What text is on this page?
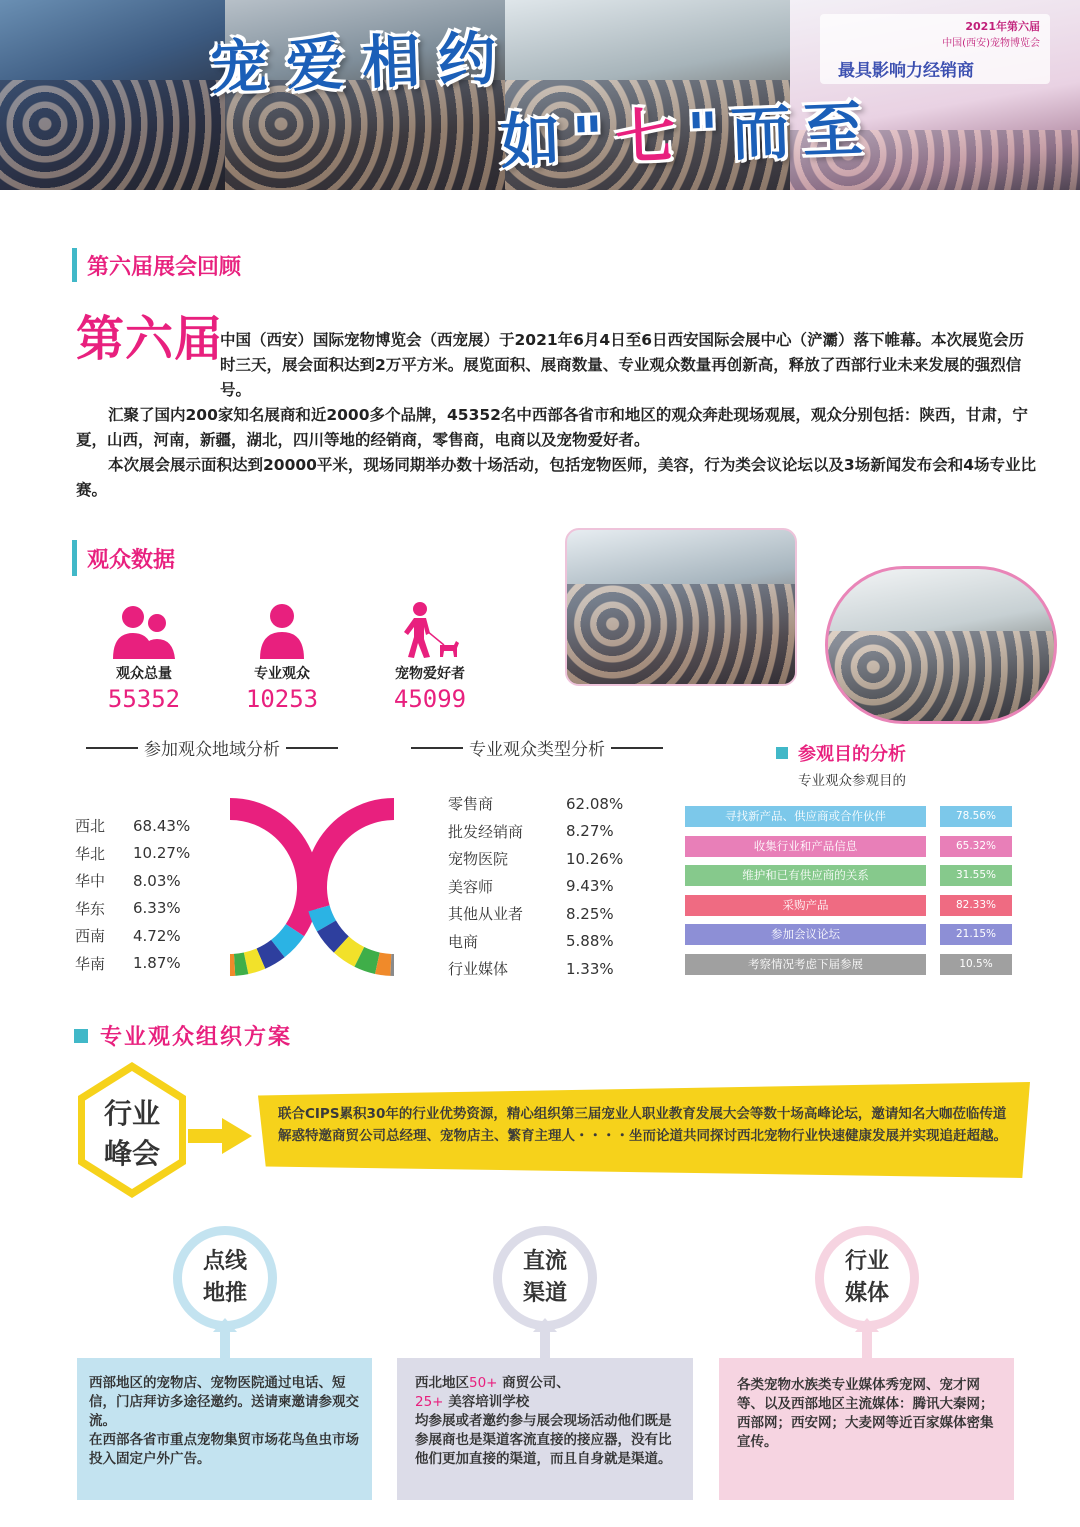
2021年第六届
中国(西安)宠物博览会
最具影响力经销商
宠爱相约
如"七"而至
第六届展会回顾
第六届

中国（西安）国际宠物博览会（西宠展）于2021年6月4日至6日西安国际会展中心（浐灞）落下帷幕。本次展览会历时三天，展会面积达到2万平方米。展览面积、展商数量、专业观众数量再创新高，释放了西部行业未来发展的强烈信号。

汇聚了国内200家知名展商和近2000多个品牌，45352名中西部各省市和地区的观众奔赴现场观展，观众分别包括：陕西，甘肃，宁夏，山西，河南，新疆，湖北，四川等地的经销商，零售商，电商以及宠物爱好者。

本次展会展示面积达到20000平米，现场同期举办数十场活动，包括宠物医师，美容，行为类会议论坛以及3场新闻发布会和4场专业比赛。

观众数据
观众总量
55352
专业观众
10253
宠物爱好者
45099
参加观众地域分析	专业观众类型分析
西北	68.43%
华北	10.27%
华中	8.03%
华东	6.33%
西南	4.72%
华南	1.87%
零售商	62.08%
批发经销商	8.27%
宠物医院	10.26%
美容师	9.43%
其他从业者	8.25%
电商	5.88%
行业媒体	1.33%
参观目的分析
专业观众参观目的
寻找新产品、供应商或合作伙伴	78.56%
收集行业和产品信息	65.32%
维护和已有供应商的关系	31.55%
采购产品	82.33%
参加会议论坛	21.15%
考察情况考虑下届参展	10.5%
专业观众组织方案
行业
峰会
联合CIPS累积30年的行业优势资源，精心组织第三届宠业人职业教育发展大会等数十场高峰论坛，邀请知名大咖莅临传道解惑特邀商贸公司总经理、宠物店主、繁育主理人・・・・坐而论道共同探讨西北宠物行业快速健康发展并实现追赶超越。
点线
地推
直流
渠道
行业
媒体
西部地区的宠物店、宠物医院通过电话、短信，门店拜访多途径邀约。送请柬邀请参观交流。
在西部各省市重点宠物集贸市场花鸟鱼虫市场投入固定户外广告。
西北地区50+ 商贸公司、
25+ 美容培训学校
均参展或者邀约参与展会现场活动他们既是参展商也是渠道客流直接的接应器，没有比他们更加直接的渠道，而且自身就是渠道。
各类宠物水族类专业媒体秀宠网、宠才网等、以及西部地区主流媒体：腾讯大秦网；西部网；西安网；大麦网等近百家媒体密集宣传。
